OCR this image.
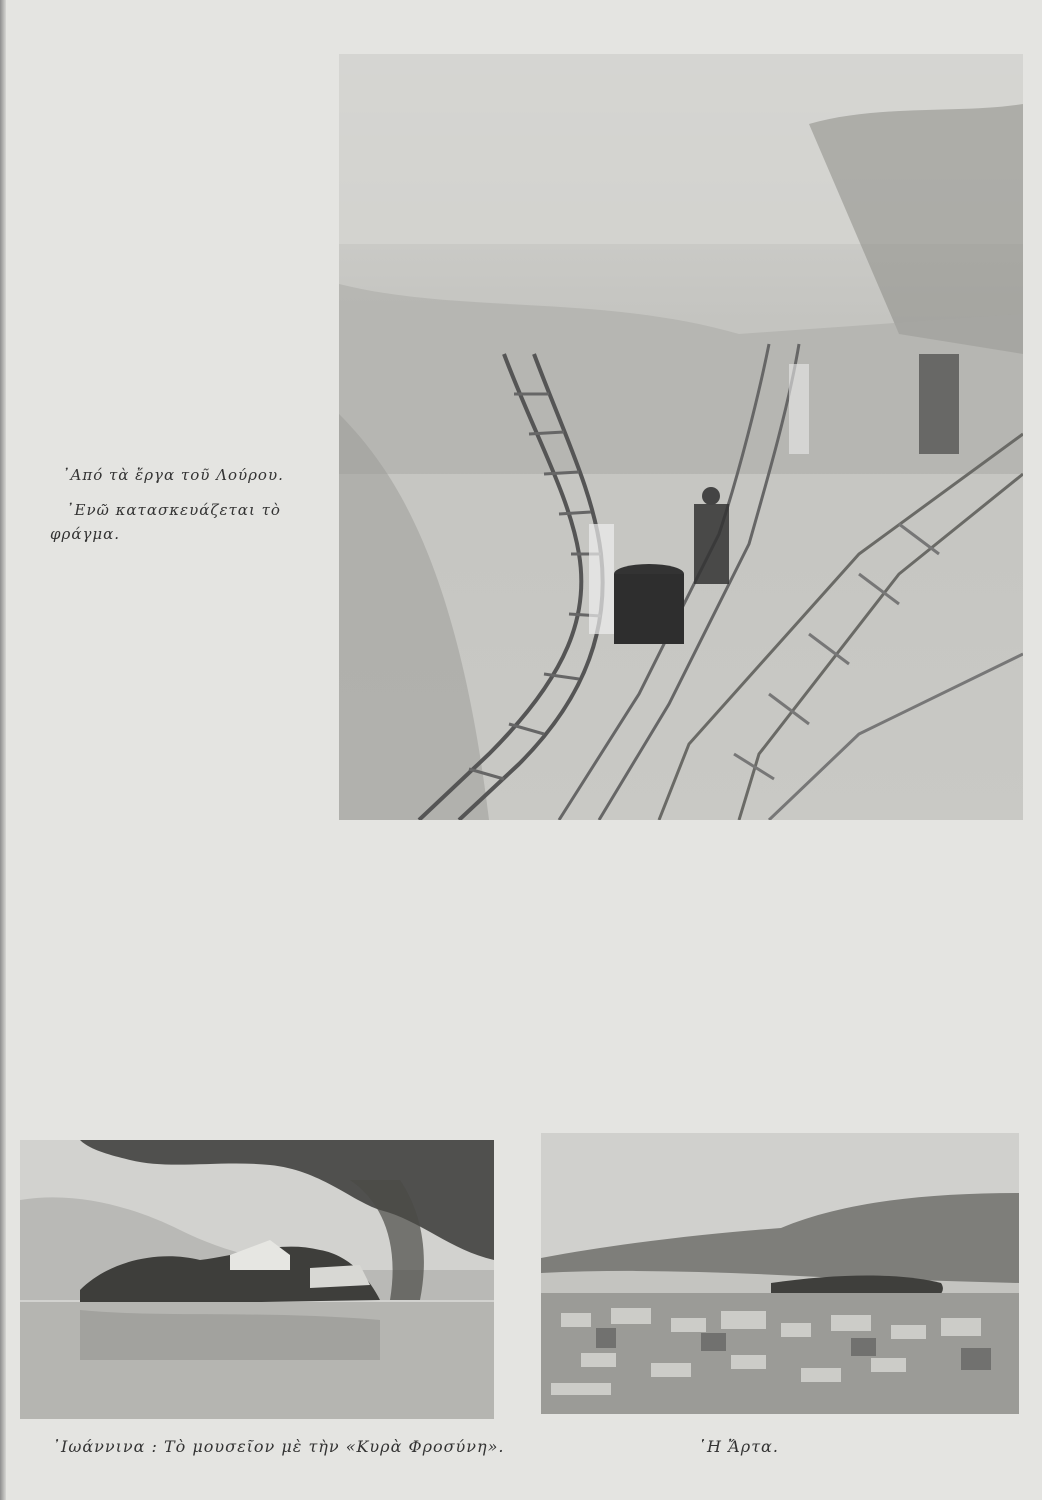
᾿Από τὰ ἔργα τοῦ Λούρου.
᾿Ενῶ κατασκευάζεται τὸ φράγμα.
᾿Ιωάννινα : Τὸ μουσεῖον μὲ τὴν «Κυρὰ Φροσύνη».	῾Η Ἄρτα.
